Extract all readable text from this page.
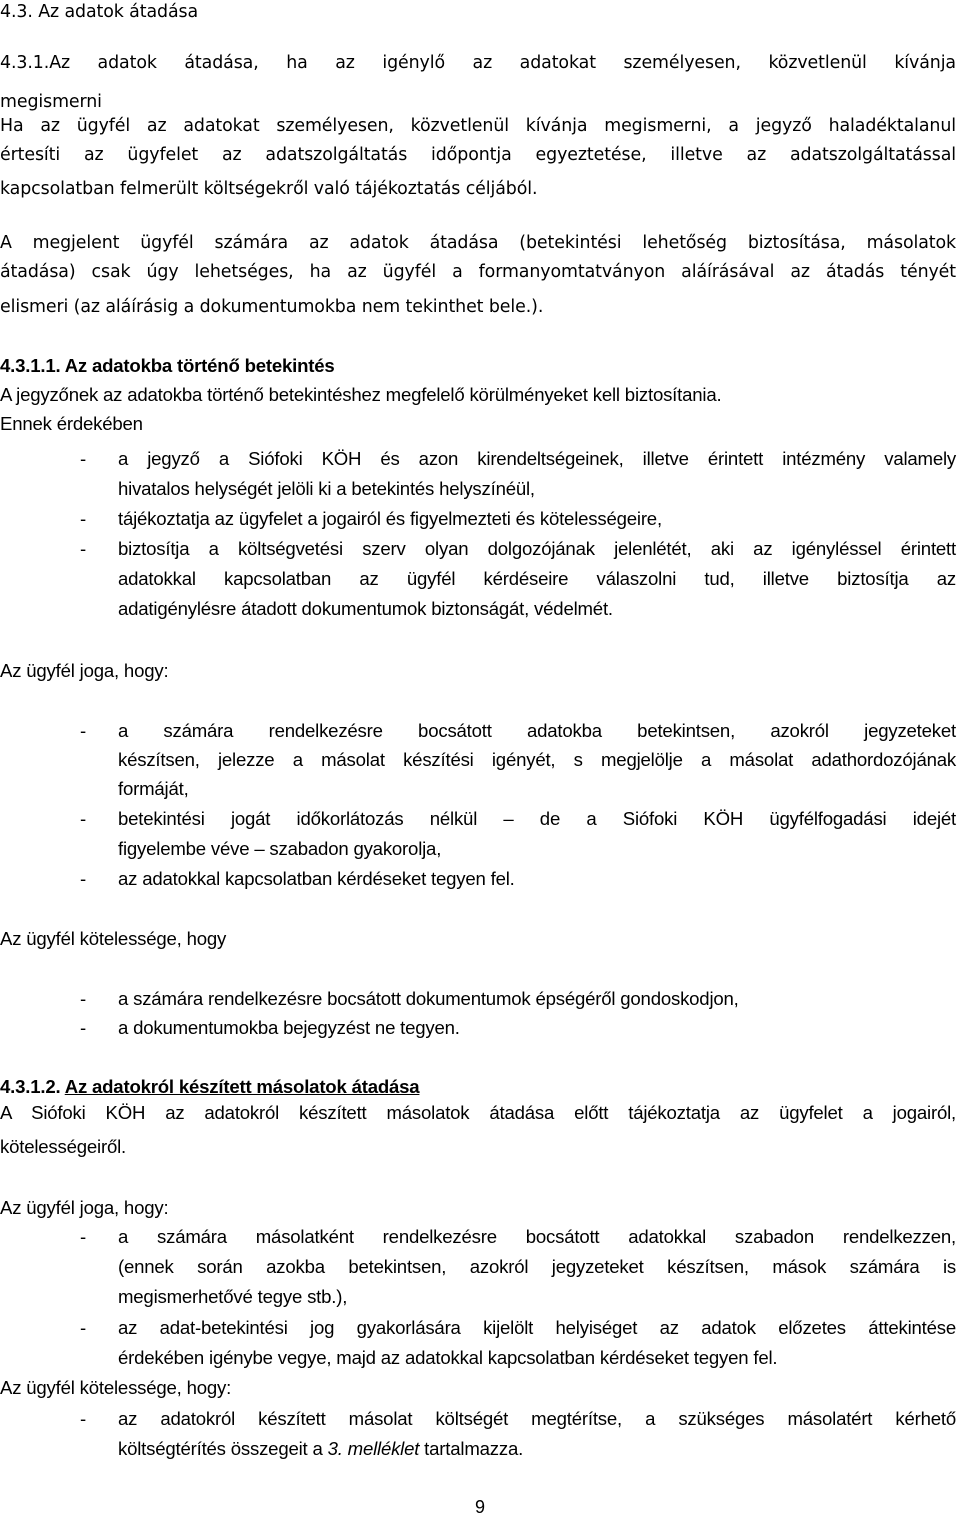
4.3. Az adatok átadása
4.3.1.Az adatok átadása, ha az igénylő az adatokat személyesen, közvetlenül kívánja
megismerni
Ha az ügyfél az adatokat személyesen, közvetlenül kívánja megismerni, a jegyző haladéktalanul
értesíti az ügyfelet az adatszolgáltatás időpontja egyeztetése, illetve az adatszolgáltatással
kapcsolatban felmerült költségekről való tájékoztatás céljából.
A megjelent ügyfél számára az adatok átadása (betekintési lehetőség biztosítása, másolatok
átadása) csak úgy lehetséges, ha az ügyfél a formanyomtatványon aláírásával az átadás tényét
elismeri (az aláírásig a dokumentumokba nem tekinthet bele.).
4.3.1.1. Az adatokba történő betekintés
A jegyzőnek az adatokba történő betekintéshez megfelelő körülményeket kell biztosítania.
Ennek érdekében
- a jegyző a Siófoki KÖH és azon kirendeltségeinek, illetve érintett intézmény valamely
hivatalos helységét jelöli ki a betekintés helyszínéül,
- tájékoztatja az ügyfelet a jogairól és figyelmezteti és kötelességeire,
- biztosítja a költségvetési szerv olyan dolgozójának jelenlétét, aki az igényléssel érintett
adatokkal kapcsolatban az ügyfél kérdéseire válaszolni tud, illetve biztosítja az
adatigénylésre átadott dokumentumok biztonságát, védelmét.
Az ügyfél joga, hogy:
- a számára rendelkezésre bocsátott adatokba betekintsen, azokról jegyzeteket
készítsen, jelezze a másolat készítési igényét, s megjelölje a másolat adathordozójának
formáját,
- betekintési jogát időkorlátozás nélkül – de a Siófoki KÖH ügyfélfogadási idejét
figyelembe véve – szabadon gyakorolja,
- az adatokkal kapcsolatban kérdéseket tegyen fel.
Az ügyfél kötelessége, hogy
- a számára rendelkezésre bocsátott dokumentumok épségéről gondoskodjon,
- a dokumentumokba bejegyzést ne tegyen.
4.3.1.2. Az adatokról készített másolatok átadása
A Siófoki KÖH az adatokról készített másolatok átadása előtt tájékoztatja az ügyfelet a jogairól,
kötelességeiről.
Az ügyfél joga, hogy:
- a számára másolatként rendelkezésre bocsátott adatokkal szabadon rendelkezzen,
(ennek során azokba betekintsen, azokról jegyzeteket készítsen, mások számára is
megismerhetővé tegye stb.),
- az adat-betekintési jog gyakorlására kijelölt helyiséget az adatok előzetes áttekintése
érdekében igénybe vegye, majd az adatokkal kapcsolatban kérdéseket tegyen fel.
Az ügyfél kötelessége, hogy:
- az adatokról készített másolat költségét megtérítse, a szükséges másolatért kérhető
költségtérítés összegeit a 3. melléklet tartalmazza.
9
